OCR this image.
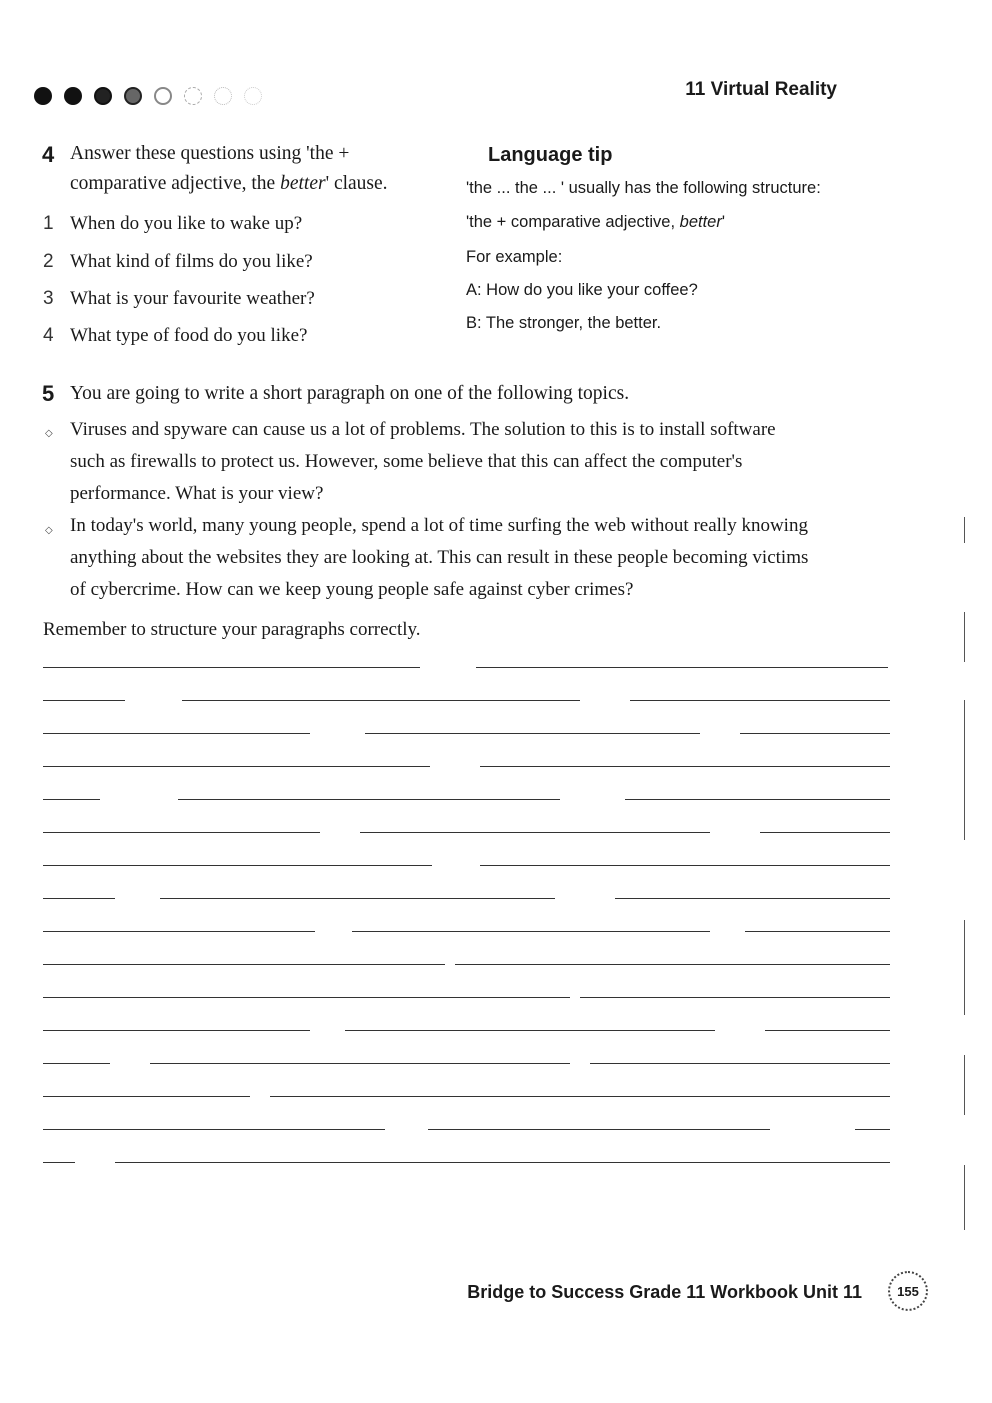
11 Virtual Reality
4 Answer these questions using 'the +
comparative adjective, the better' clause.
1 When do you like to wake up?
2 What kind of films do you like?
3 What is your favourite weather?
4 What type of food do you like?
Language tip
'the ... the ... ' usually has the following structure:
'the + comparative adjective, better'
For example:
A: How do you like your coffee?
B: The stronger, the better.
5 You are going to write a short paragraph on one of the following topics.
◇ Viruses and spyware can cause us a lot of problems. The solution to this is to install software
such as firewalls to protect us. However, some believe that this can affect the computer's
performance. What is your view?
◇ In today's world, many young people, spend a lot of time surfing the web without really knowing
anything about the websites they are looking at. This can result in these people becoming victims
of cybercrime. How can we keep young people safe against cyber crimes?
Remember to structure your paragraphs correctly.
Bridge to Success Grade 11 Workbook Unit 11	155
